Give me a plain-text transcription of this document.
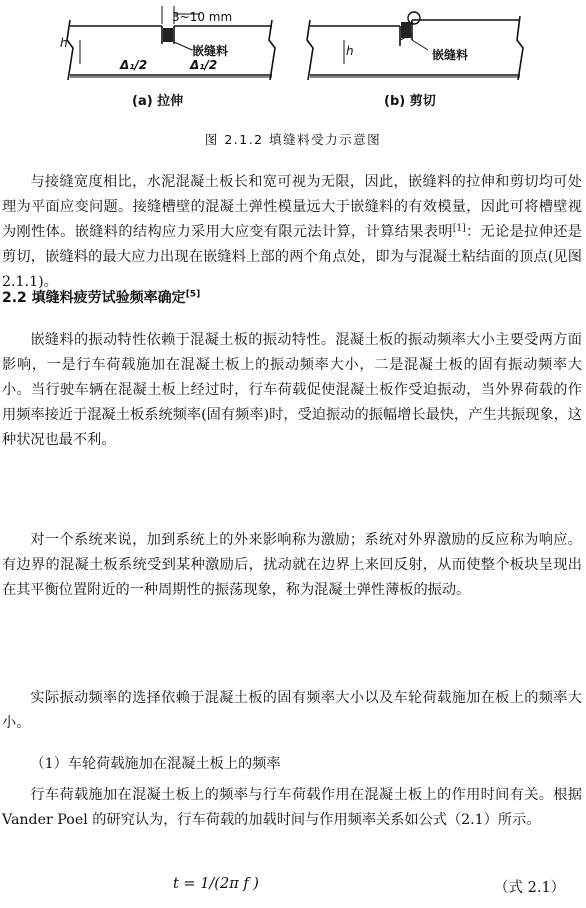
3~10 mm
嵌缝料	嵌缝料
Δ₁/2	Δ₁/2
h
h
(a) 拉伸	(b) 剪切
图 2.1.2 填缝料受力示意图

与接缝宽度相比，水泥混凝土板长和宽可视为无限，因此，嵌缝料的拉伸和剪切均可处理为平面应变问题。接缝槽壁的混凝土弹性模量远大于嵌缝料的有效模量，因此可将槽壁视为刚性体。嵌缝料的结构应力采用大应变有限元法计算，计算结果表明[1]：无论是拉伸还是剪切，嵌缝料的最大应力出现在嵌缝料上部的两个角点处，即为与混凝土粘结面的顶点(见图 2.1.1)。

2.2 填缝料疲劳试验频率确定[5]

嵌缝料的振动特性依赖于混凝土板的振动特性。混凝土板的振动频率大小主要受两方面影响，一是行车荷载施加在混凝土板上的振动频率大小，二是混凝土板的固有振动频率大小。当行驶车辆在混凝土板上经过时，行车荷载促使混凝土板作受迫振动，当外界荷载的作用频率接近于混凝土板系统频率(固有频率)时，受迫振动的振幅增长最快，产生共振现象，这种状况也最不利。

对一个系统来说，加到系统上的外来影响称为激励；系统对外界激励的反应称为响应。有边界的混凝土板系统受到某种激励后，扰动就在边界上来回反射，从而使整个板块呈现出在其平衡位置附近的一种周期性的振荡现象，称为混凝土弹性薄板的振动。

实际振动频率的选择依赖于混凝土板的固有频率大小以及车轮荷载施加在板上的频率大小。

（1）车轮荷载施加在混凝土板上的频率

行车荷载施加在混凝土板上的频率与行车荷载作用在混凝土板上的作用时间有关。根据 Vander Poel 的研究认为，行车荷载的加载时间与作用频率关系如公式（2.1）所示。

t = 1/(2π f )	（式 2.1）
